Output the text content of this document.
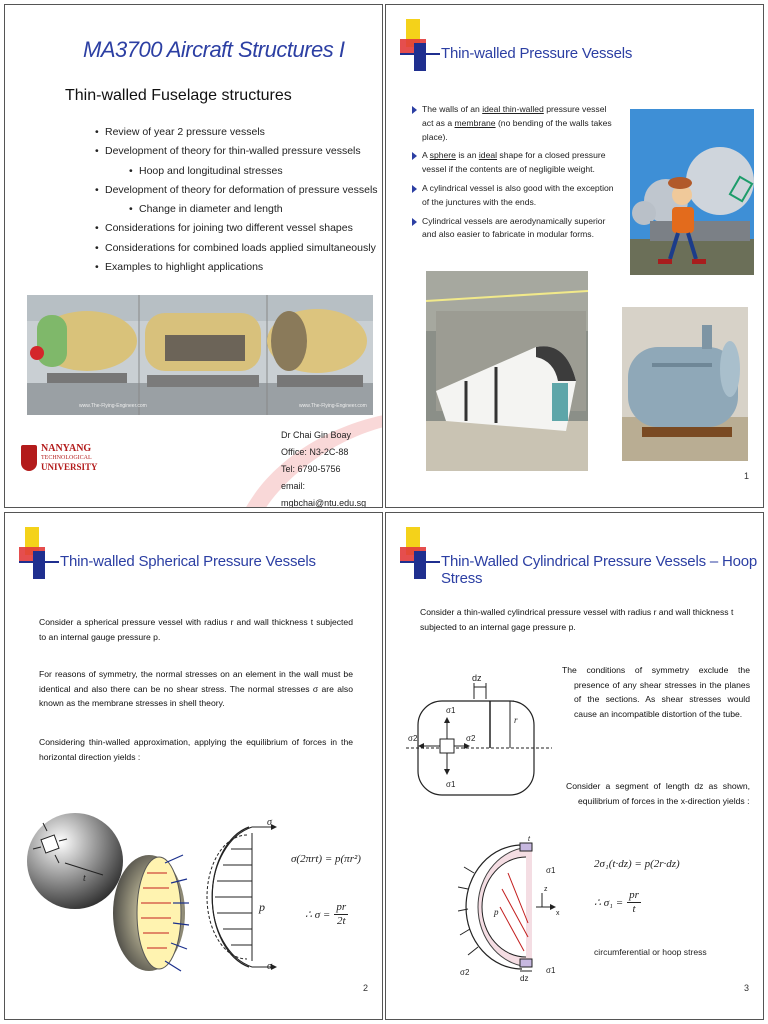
MA3700 Aircraft Structures I
Thin-walled Fuselage structures
• Review of year 2 pressure vessels
• Development of theory for thin-walled pressure vessels
• Hoop and longitudinal stresses
• Development of theory for deformation of pressure vessels
• Change in diameter and length
• Considerations for joining two different vessel shapes
• Considerations for combined loads applied simultaneously
• Examples to highlight applications
www.The-Flying-Engineer.com	www.The-Flying-Engineer.com
NANYANG
TECHNOLOGICAL
UNIVERSITY
Dr Chai Gin Boay
Office: N3-2C-88
Tel: 6790-5756
email: mgbchai@ntu.edu.sg
Thin-walled Pressure Vessels
The walls of an ideal thin-walled pressure vessel act as a membrane (no bending of the walls takes place).
A sphere is an ideal shape for a closed pressure vessel if the contents are of negligible weight.
A cylindrical vessel is also good with the exception of the junctures with the ends.
Cylindrical vessels are aerodynamically superior and also easier to fabricate in modular forms.
1
Thin-walled Spherical Pressure Vessels
Consider a spherical pressure vessel with radius r and wall thickness t subjected to an internal gauge pressure p.
For reasons of symmetry, the normal stresses on an element in the wall must be identical and also there can be no shear stress. The normal stresses σ are also known as the membrane stresses in shell theory.
Considering thin-walled approximation, applying the equilibrium of forces in the horizontal direction yields :
t
σ
p
σ
σ(2πrt) = p(πr²)
∴ $\sigma = \frac{pr}{2t}$
2
Thin-Walled Cylindrical Pressure Vessels – Hoop Stress
Consider a thin-walled cylindrical pressure vessel with radius r and wall thickness t subjected to an internal gage pressure p.
The conditions of symmetry exclude the presence of any shear stresses in the planes of the sections. As shear stresses would cause an incompatible distortion of the tube.
Consider a segment of length dz as shown, equilibrium of forces in the x-direction yields :
dz
r
σ1
σ1
σ2	σ2
σ1
σ1
σ2
p	x
z
t
dz
2σ₁(t·dz) = p(2r·dz)
∴ $\sigma_1 = \frac{pr}{t}$
circumferential or hoop stress
3
